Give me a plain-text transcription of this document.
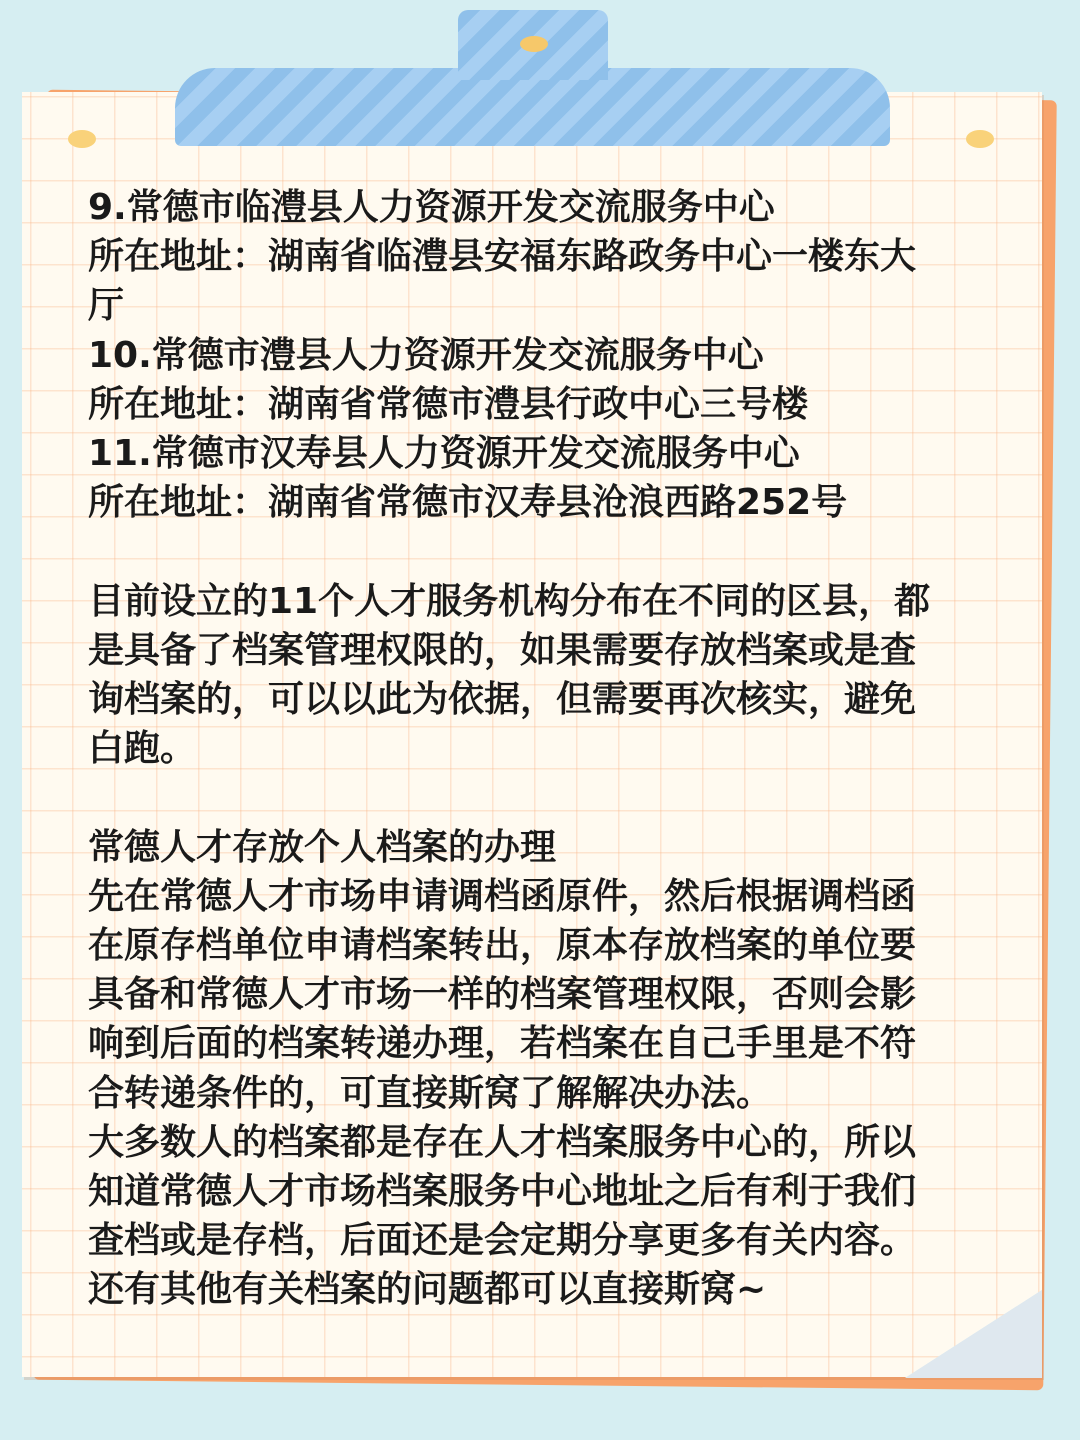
9.常德市临澧县人力资源开发交流服务中心

所在地址：湖南省临澧县安福东路政务中心一楼东大

厅

10.常德市澧县人力资源开发交流服务中心

所在地址：湖南省常德市澧县行政中心三号楼

11.常德市汉寿县人力资源开发交流服务中心

所在地址：湖南省常德市汉寿县沧浪西路252号

目前设立的11个人才服务机构分布在不同的区县，都

是具备了档案管理权限的，如果需要存放档案或是查

询档案的，可以以此为依据，但需要再次核实，避免

白跑。

常德人才存放个人档案的办理

先在常德人才市场申请调档函原件，然后根据调档函

在原存档单位申请档案转出，原本存放档案的单位要

具备和常德人才市场一样的档案管理权限，否则会影

响到后面的档案转递办理，若档案在自己手里是不符

合转递条件的，可直接斯窝了解解决办法。

大多数人的档案都是存在人才档案服务中心的，所以

知道常德人才市场档案服务中心地址之后有利于我们

查档或是存档，后面还是会定期分享更多有关内容。

还有其他有关档案的问题都可以直接斯窝~
